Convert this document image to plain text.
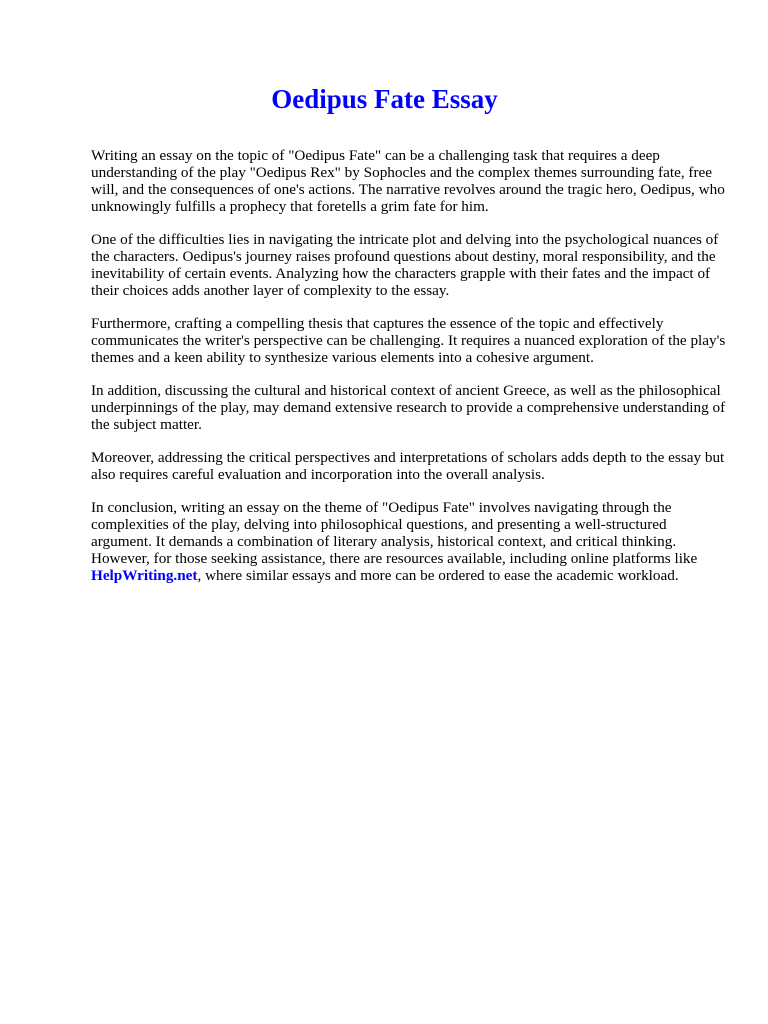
Oedipus Fate Essay

Writing an essay on the topic of "Oedipus Fate" can be a challenging task that requires a deep understanding of the play "Oedipus Rex" by Sophocles and the complex themes surrounding fate, free will, and the consequences of one's actions. The narrative revolves around the tragic hero, Oedipus, who unknowingly fulfills a prophecy that foretells a grim fate for him.

One of the difficulties lies in navigating the intricate plot and delving into the psychological nuances of the characters. Oedipus's journey raises profound questions about destiny, moral responsibility, and the inevitability of certain events. Analyzing how the characters grapple with their fates and the impact of their choices adds another layer of complexity to the essay.

Furthermore, crafting a compelling thesis that captures the essence of the topic and effectively communicates the writer's perspective can be challenging. It requires a nuanced exploration of the play's themes and a keen ability to synthesize various elements into a cohesive argument.

In addition, discussing the cultural and historical context of ancient Greece, as well as the philosophical underpinnings of the play, may demand extensive research to provide a comprehensive understanding of the subject matter.

Moreover, addressing the critical perspectives and interpretations of scholars adds depth to the essay but also requires careful evaluation and incorporation into the overall analysis.

In conclusion, writing an essay on the theme of "Oedipus Fate" involves navigating through the complexities of the play, delving into philosophical questions, and presenting a well-structured argument. It demands a combination of literary analysis, historical context, and critical thinking. However, for those seeking assistance, there are resources available, including online platforms like HelpWriting.net, where similar essays and more can be ordered to ease the academic workload.
